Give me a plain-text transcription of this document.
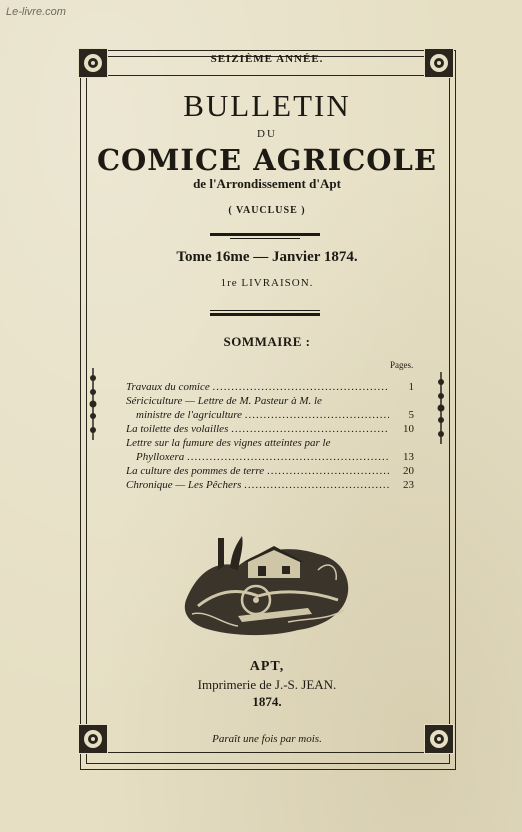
Le-livre.com
SEIZIÈME ANNÉE.
BULLETIN
DU
COMICE AGRICOLE
de l'Arrondissement d'Apt
( VAUCLUSE )
Tome 16me — Janvier 1874.
1re LIVRAISON.
SOMMAIRE :
Pages.
Travaux du comice .....	1
Sériciculture — Lettre de M. Pasteur à M. le
ministre de l'agriculture .....	5
La toilette des volailles .....	10
Lettre sur la fumure des vignes atteintes par le
Phylloxera .....	13
La culture des pommes de terre .....	20
Chronique — Les Pêchers .....	23
APT,
Imprimerie de J.-S. JEAN.
1874.
Paraît une fois par mois.
